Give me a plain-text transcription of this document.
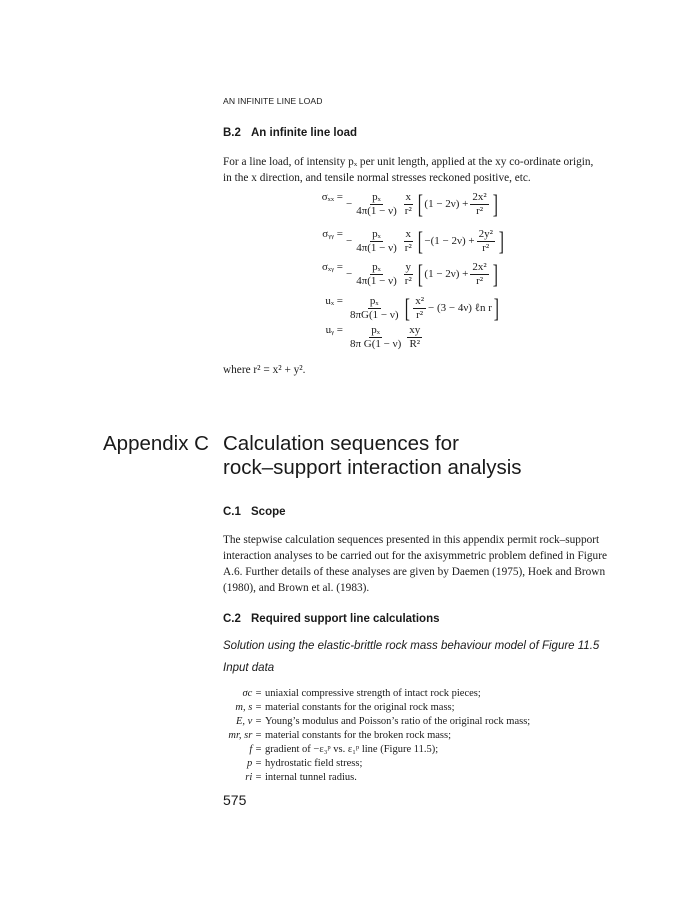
AN INFINITE LINE LOAD
B.2 An infinite line load
For a line load, of intensity pₓ per unit length, applied at the xy co-ordinate origin,
in the x direction, and tensile normal stresses reckoned positive, etc.
σₓₓ =
− $\frac{\text{pₓ}}{4\pi(1 - \nu)} \frac{x}{\text{r²}}$ [ $(1 - 2\nu) + \frac{\text{2x²}}{\text{r²}}$ ]
σᵧᵧ =
− $\frac{\text{pₓ}}{4\pi(1 - \nu)} \frac{x}{\text{r²}}$ [ $-(1 - 2\nu) + \frac{\text{2y²}}{\text{r²}}$ ]
σₓᵧ =
− $\frac{\text{pₓ}}{4\pi(1 - \nu)} \frac{y}{\text{r²}}$ [ $(1 - 2\nu) + \frac{\text{2x²}}{\text{r²}}$ ]
$u_x = \frac{\text{pₓ}}{8\pi G(1 - \nu)}$ [ $\frac{\text{x²}}{\text{r²}} - (3 - 4\nu)$ ℓn r]
uᵧ = $\frac{\text{pₓ}}{\text{8π G(1 − ν)}} \frac{xy}{\text{R²}}$
where r² = x² + y².
Appendix C Calculation sequences for
rock–support interaction analysis
C.1 Scope
The stepwise calculation sequences presented in this appendix permit rock–support
interaction analyses to be carried out for the axisymmetric problem defined in Figure
A.6. Further details of these analyses are given by Daemen (1975), Hoek and Brown
(1980), and Brown et al. (1983).
C.2 Required support line calculations
Solution using the elastic-brittle rock mass behaviour model of Figure 11.5
Input data
σc = uniaxial compressive strength of intact rock pieces;
m, s = material constants for the original rock mass;
E, ν = Young’s modulus and Poisson’s ratio of the original rock mass;
mr, sr = material constants for the broken rock mass;
f = gradient of −ε₃ᵖ vs. ε₁ᵖ line (Figure 11.5);
p = hydrostatic field stress;
ri = internal tunnel radius.
575
